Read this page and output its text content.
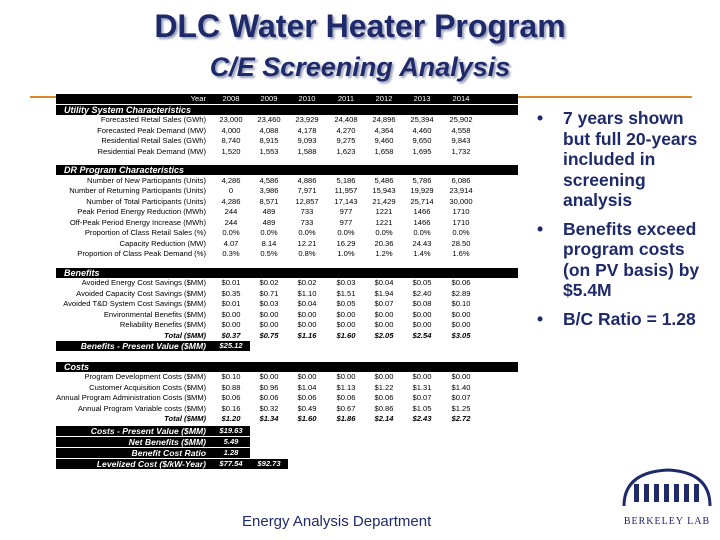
DLC Water Heater Program
C/E Screening Analysis
Year	2008	2009	2010	2011	2012	2013	2014
Utility System Characteristics
Forecasted Retail Sales (GWh)	23,000	23,460	23,929	24,408	24,896	25,394	25,902
Forecasted Peak Demand (MW)	4,000	4,088	4,178	4,270	4,364	4,460	4,558
Residential Retail Sales (GWh)	8,740	8,915	9,093	9,275	9,460	9,650	9,843
Residential Peak Demand (MW)	1,520	1,553	1,588	1,623	1,658	1,695	1,732
DR Program Characteristics
Number of New Participants (Units)	4,286	4,586	4,886	5,186	5,486	5,786	6,086
Number of Returning Participants (Units)	0	3,986	7,971	11,957	15,943	19,929	23,914
Number of Total Participants (Units)	4,286	8,571	12,857	17,143	21,429	25,714	30,000
Peak Period Energy Reduction (MWh)	244	489	733	977	1221	1466	1710
Off-Peak Period Energy Increase (MWh)	244	489	733	977	1221	1466	1710
Proportion of Class Retail Sales (%)	0.0%	0.0%	0.0%	0.0%	0.0%	0.0%	0.0%
Capacity Reduction (MW)	4.07	8.14	12.21	16.29	20.36	24.43	28.50
Proportion of Class Peak Demand (%)	0.3%	0.5%	0.8%	1.0%	1.2%	1.4%	1.6%
Benefits
Avoided Energy Cost Savings ($MM)	$0.01	$0.02	$0.02	$0.03	$0.04	$0.05	$0.06
Avoided Capacity Cost Savings ($MM)	$0.35	$0.71	$1.10	$1.51	$1.94	$2.40	$2.89
Avoided T&D System Cost Savings ($MM)	$0.01	$0.03	$0.04	$0.05	$0.07	$0.08	$0.10
Environmental Benefits ($MM)	$0.00	$0.00	$0.00	$0.00	$0.00	$0.00	$0.00
Reliability Benefits ($MM)	$0.00	$0.00	$0.00	$0.00	$0.00	$0.00	$0.00
Total ($MM)	$0.37	$0.75	$1.16	$1.60	$2.05	$2.54	$3.05
Benefits - Present Value ($MM)	$25.12
Costs
Program Development Costs ($MM)	$0.10	$0.00	$0.00	$0.00	$0.00	$0.00	$0.00
Customer Acquisition Costs ($MM)	$0.88	$0.96	$1.04	$1.13	$1.22	$1.31	$1.40
Annual Program Administration Costs ($MM)	$0.06	$0.06	$0.06	$0.06	$0.06	$0.07	$0.07
Annual Program Variable costs ($MM)	$0.16	$0.32	$0.49	$0.67	$0.86	$1.05	$1.25
Total ($MM)	$1.20	$1.34	$1.60	$1.86	$2.14	$2.43	$2.72
Costs - Present Value ($MM)	$19.63
Net Benefits ($MM)	5.49
Benefit Cost Ratio	1.28
Levelized Cost ($/kW-Year)	$77.54	$92.73
• 7 years shown but full 20-years included in screening analysis
• Benefits exceed program costs (on PV basis) by $5.4M
• B/C Ratio = 1.28
Energy Analysis Department	BERKELEY LAB
